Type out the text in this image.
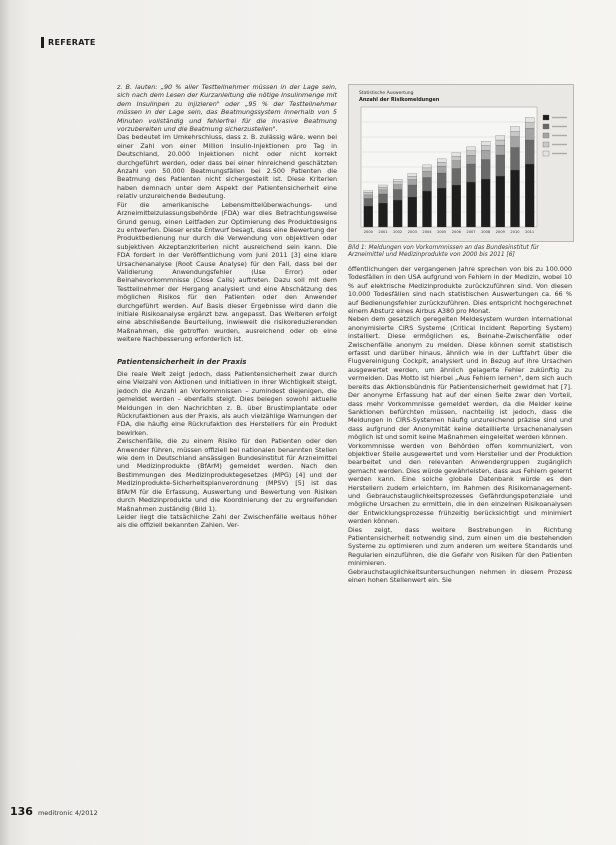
REFERATE

z. B. lauten: „90 % aller Testteilnehmer müssen in der Lage sein, sich nach dem Lesen der Kurzanleitung die nötige Insulinmenge mit dem Insulinpen zu injizieren" oder „95 % der Testteilnehmer müssen in der Lage sein, das Beatmungssystem innerhalb von 5 Minuten vollständig und fehlerfrei für die invasive Beatmung vorzubereiten und die Beatmung sicherzustellen".

Das bedeutet im Umkehrschluss, dass z. B. zulässig wäre, wenn bei einer Zahl von einer Million Insulin-Injektionen pro Tag in Deutschland, 20.000 Injektionen nicht oder nicht korrekt durchgeführt werden, oder dass bei einer hinreichend geschätzten Anzahl von 50.000 Beatmungsfällen bei 2.500 Patienten die Beatmung des Patienten nicht sichergestellt ist. Diese Kriterien haben demnach unter dem Aspekt der Patientensicherheit eine relativ unzureichende Bedeutung.

Für die amerikanische Lebensmittelüberwachungs- und Arzneimittelzulassungsbehörde (FDA) war dies Betrachtungsweise Grund genug, einen Leitfaden zur Optimierung des Produktdesigns zu entwerfen. Dieser erste Entwurf besagt, dass eine Bewertung der Produktbedienung nur durch die Verwendung von objektiven oder subjektiven Akzeptanzkriterien nicht ausreichend sein kann. Die FDA fordert in der Veröffentlichung vom Juni 2011 [3] eine klare Ursachenanalyse (Root Cause Analyse) für den Fall, dass bei der Validierung Anwendungsfehler (Use Error) oder Beinahevorkommnisse (Close Calls) auftreten. Dazu soll mit dem Testteilnehmer der Hergang analysiert und eine Abschätzung des möglichen Risikos für den Patienten oder den Anwender durchgeführt werden. Auf Basis dieser Ergebnisse wird dann die initiale Risikoanalyse ergänzt bzw. angepasst. Das Weiteren erfolgt eine abschließende Beurteilung, inwieweit die risikoreduzierenden Maßnahmen, die getroffen wurden, ausreichend oder ob eine weitere Nachbesserung erforderlich ist.

Patientensicherheit in der Praxis

Die reale Welt zeigt jedoch, dass Patientensicherheit zwar durch eine Vielzahl von Aktionen und Initiativen in ihrer Wichtigkeit steigt, jedoch die Anzahl an Vorkommnissen – zumindest diejenigen, die gemeldet werden – ebenfalls steigt. Dies belegen sowohl aktuelle Meldungen in den Nachrichten z. B. über Brustimplantate oder Rückrufaktionen aus der Praxis, als auch vielzählige Warnungen der FDA, die häufig eine Rückrufaktion des Herstellers für ein Produkt bewirken.

Zwischenfälle, die zu einem Risiko für den Patienten oder den Anwender führen, müssen offiziell bei nationalen benannten Stellen wie dem in Deutschland ansässigen Bundesinstitut für Arzneimittel und Medizinprodukte (BfArM) gemeldet werden. Nach den Bestimmungen des Medizinproduktegesetzes (MPG) [4] und der Medizinprodukte-Sicherheitsplanverordnung (MPSV) [5] ist das BfArM für die Erfassung, Auswertung und Bewertung von Risiken durch Medizinprodukte und die Koordinierung der zu ergreifenden Maßnahmen zuständig (Bild 1).

Leider liegt die tatsächliche Zahl der Zwischenfälle weitaus höher als die offiziell bekannten Zahlen. Ver-

Statistische Auswertung
Anzahl der Risikomeldungen
2000 2001 2002 2003 2004 2005 2006 2007 2008 2009 2010 2011
Bild 1: Meldungen von Vorkommnissen an das Bundesinstitut für Arzneimittel und Medizinprodukte von 2000 bis 2011 [6]

öffentlichungen der vergangenen Jahre sprechen von bis zu 100.000 Todesfällen in den USA aufgrund von Fehlern in der Medizin, wobei 10 % auf elektrische Medizinprodukte zurückzuführen sind. Von diesen 10.000 Todesfällen sind nach statistischen Auswertungen ca. 66 % auf Bedienungsfehler zurückzuführen. Dies entspricht hochgerechnet einem Absturz eines Airbus A380 pro Monat.

Neben dem gesetzlich geregelten Meldesystem wurden international anonymisierte CIRS Systeme (Critical Incident Reporting System) installiert. Diese ermöglichen es, Beinahe-Zwischenfälle oder Zwischenfälle anonym zu melden. Diese können somit statistisch erfasst und darüber hinaus, ähnlich wie in der Luftfahrt über die Flugvereinigung Cockpit, analysiert und in Bezug auf ihre Ursachen ausgewertet werden, um ähnlich gelagerte Fehler zukünftig zu vermeiden. Das Motto ist hierbei „Aus Fehlern lernen", dem sich auch bereits das Aktionsbündnis für Patientensicherheit gewidmet hat [7]. Der anonyme Erfassung hat auf der einen Seite zwar den Vorteil, dass mehr Vorkommnisse gemeldet werden, da die Melder keine Sanktionen befürchten müssen, nachteilig ist jedoch, dass die Meldungen in CIRS-Systemen häufig unzureichend präzise sind und dass aufgrund der Anonymität keine detaillierte Ursachenanalysen möglich ist und somit keine Maßnahmen eingeleitet werden können.

Vorkommnisse werden von Behörden offen kommuniziert, von objektiver Stelle ausgewertet und vom Hersteller und der Produktion bearbeitet und den relevanten Anwendergruppen zugänglich gemacht werden. Dies würde gewährleisten, dass aus Fehlern gelernt werden kann. Eine solche globale Datenbank würde es den Herstellern zudem erleichtern, im Rahmen des Risikomanagement- und Gebrauchstauglichkeitsprozesses Gefährdungspotenziale und mögliche Ursachen zu ermitteln, die in den einzelnen Risikoanalysen der Entwicklungsprozesse frühzeitig berücksichtigt und minimiert werden können.

Dies zeigt, dass weitere Bestrebungen in Richtung Patientensicherheit notwendig sind, zum einen um die bestehenden Systeme zu optimieren und zum anderen um weitere Standards und Regularien einzuführen, die die Gefahr von Risiken für den Patienten minimieren.

Gebrauchstauglichkeitsuntersuchungen nehmen in diesem Prozess einen hohen Stellenwert ein. Sie

136 meditronic 4/2012
